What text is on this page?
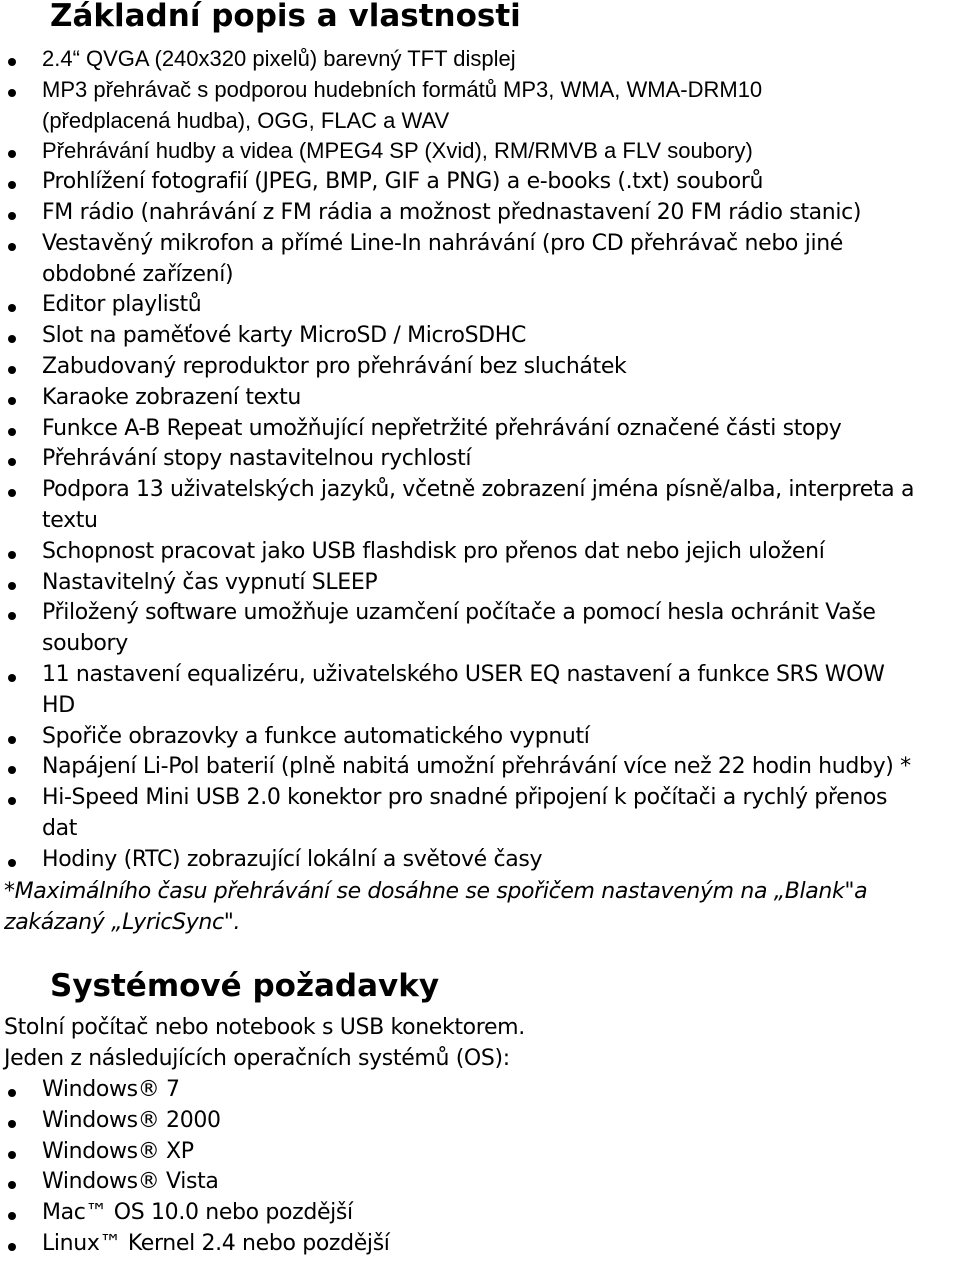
Základní popis a vlastnosti
2.4“ QVGA (240x320 pixelů) barevný TFT displej
MP3 přehrávač s podporou hudebních formátů MP3, WMA, WMA-DRM10
(předplacená hudba), OGG, FLAC a WAV
Přehrávání hudby a videa (MPEG4 SP (Xvid), RM/RMVB a FLV soubory)
Prohlížení fotografií (JPEG, BMP, GIF a PNG) a e-books (.txt) souborů
FM rádio (nahrávání z FM rádia a možnost přednastavení 20 FM rádio stanic)
Vestavěný mikrofon a přímé Line-In nahrávání (pro CD přehrávač nebo jiné
obdobné zařízení)
Editor playlistů
Slot na paměťové karty MicroSD / MicroSDHC
Zabudovaný reproduktor pro přehrávání bez sluchátek
Karaoke zobrazení textu
Funkce A-B Repeat umožňující nepřetržité přehrávání označené části stopy
Přehrávání stopy nastavitelnou rychlostí
Podpora 13 uživatelských jazyků, včetně zobrazení jména písně/alba, interpreta a
textu
Schopnost pracovat jako USB flashdisk pro přenos dat nebo jejich uložení
Nastavitelný čas vypnutí SLEEP
Přiložený software umožňuje uzamčení počítače a pomocí hesla ochránit Vaše
soubory
11 nastavení equalizéru, uživatelského USER EQ nastavení a funkce SRS WOW
HD
Spořiče obrazovky a funkce automatického vypnutí
Napájení Li-Pol baterií (plně nabitá umožní přehrávání více než 22 hodin hudby) *
Hi-Speed Mini USB 2.0 konektor pro snadné připojení k počítači a rychlý přenos
dat
Hodiny (RTC) zobrazující lokální a světové časy

*Maximálního času přehrávání se dosáhne se spořičem nastaveným na „Blank"a zakázaný „LyricSync".

Systémové požadavky

Stolní počítač nebo notebook s USB konektorem.

Jeden z následujících operačních systémů (OS):

Windows® 7
Windows® 2000
Windows® XP
Windows® Vista
Mac™ OS 10.0 nebo pozdější
Linux™ Kernel 2.4 nebo pozdější
